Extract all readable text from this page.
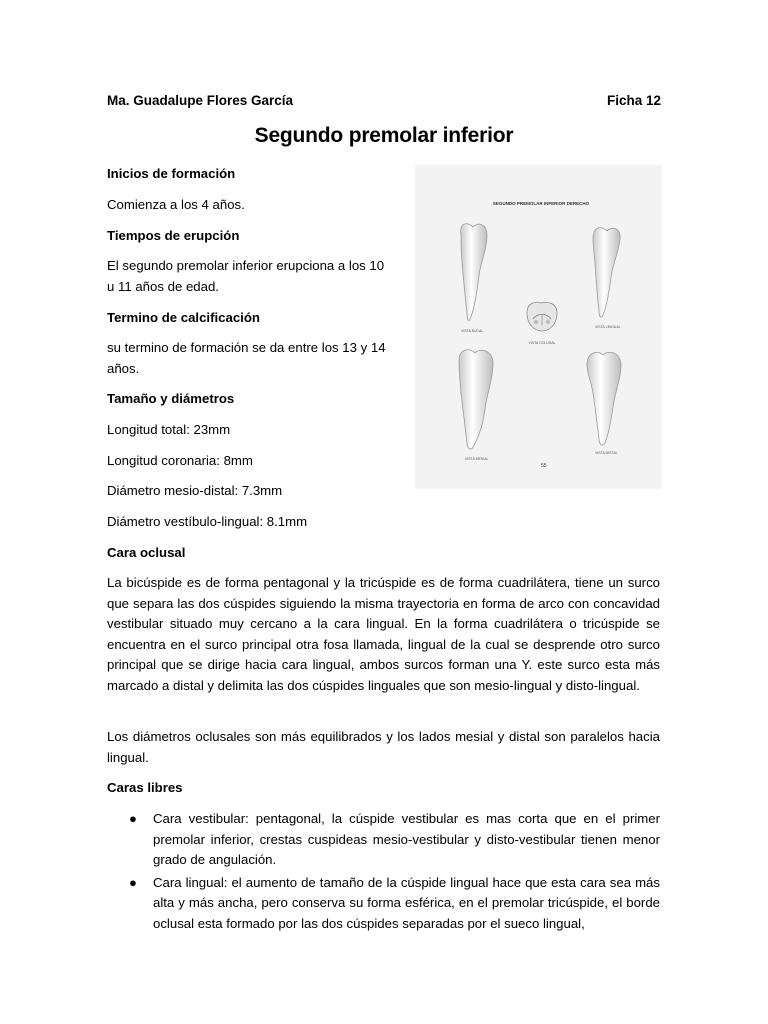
Ma. Guadalupe Flores García	Ficha 12
Segundo premolar inferior
Inicios de formación
Comienza a los 4 años.
Tiempos de erupción
El segundo premolar inferior erupciona a los 10
u 11 años de edad.
Termino de calcificación
su termino de formación se da entre los 13 y 14
años.
Tamaño y diámetros
Longitud total: 23mm
Longitud coronaria: 8mm
Diámetro mesio-distal: 7.3mm
Diámetro vestíbulo-lingual: 8.1mm
Cara oclusal
La bicúspide es de forma pentagonal y la tricúspide es de forma cuadrilátera, tiene un surco que separa las dos cúspides siguiendo la misma trayectoria en forma de arco con concavidad vestibular situado muy cercano a la cara lingual. En la forma cuadrilátera o tricúspide se encuentra en el surco principal otra fosa llamada, lingual de la cual se desprende otro surco principal que se dirige hacia cara lingual, ambos surcos forman una Y. este surco esta más marcado a distal y delimita las dos cúspides linguales que son mesio-lingual y disto-lingual.
Los diámetros oclusales son más equilibrados y los lados mesial y distal son paralelos hacia lingual.
Caras libres
● Cara vestibular: pentagonal, la cúspide vestibular es mas corta que en el primer premolar inferior, crestas cuspideas mesio-vestibular y disto-vestibular tienen menor grado de angulación.
● Cara lingual: el aumento de tamaño de la cúspide lingual hace que esta cara sea más alta y más ancha, pero conserva su forma esférica, en el premolar tricúspide, el borde oclusal esta formado por las dos cúspides separadas por el sueco lingual,
SEGUNDO PREMOLAR INFERIOR DERECHO
VISTA BUCAL
VISTA OCLUSAL
VISTA LINGUAL
VISTA MESIAL
VISTA DISTAL
55
